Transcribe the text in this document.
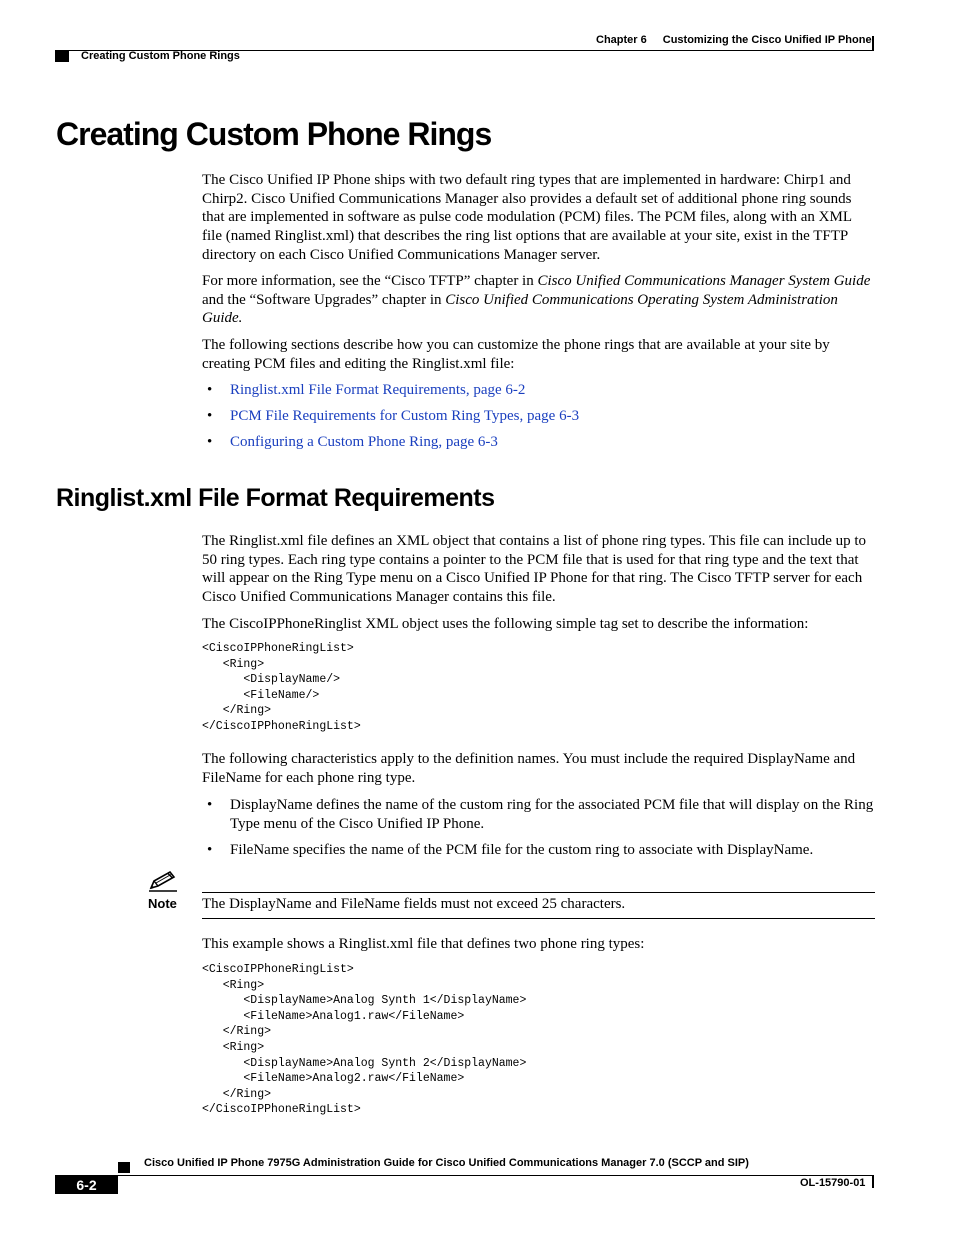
Chapter 6 Customizing the Cisco Unified IP Phone
Creating Custom Phone Rings
Creating Custom Phone Rings

The Cisco Unified IP Phone ships with two default ring types that are implemented in hardware: Chirp1 and Chirp2. Cisco Unified Communications Manager also provides a default set of additional phone ring sounds that are implemented in software as pulse code modulation (PCM) files. The PCM files, along with an XML file (named Ringlist.xml) that describes the ring list options that are available at your site, exist in the TFTP directory on each Cisco Unified Communications Manager server.

For more information, see the “Cisco TFTP” chapter in Cisco Unified Communications Manager System Guide and the “Software Upgrades” chapter in Cisco Unified Communications Operating System Administration Guide.

The following sections describe how you can customize the phone rings that are available at your site by creating PCM files and editing the Ringlist.xml file:

• Ringlist.xml File Format Requirements, page 6-2
• PCM File Requirements for Custom Ring Types, page 6-3
• Configuring a Custom Phone Ring, page 6-3
Ringlist.xml File Format Requirements

The Ringlist.xml file defines an XML object that contains a list of phone ring types. This file can include up to 50 ring types. Each ring type contains a pointer to the PCM file that is used for that ring type and the text that will appear on the Ring Type menu on a Cisco Unified IP Phone for that ring. The Cisco TFTP server for each Cisco Unified Communications Manager contains this file.

The CiscoIPPhoneRinglist XML object uses the following simple tag set to describe the information:

<CiscoIPPhoneRingList>
<Ring>
<DisplayName/>
<FileName/>
</Ring>
</CiscoIPPhoneRingList>

The following characteristics apply to the definition names. You must include the required DisplayName and FileName for each phone ring type.

• DisplayName defines the name of the custom ring for the associated PCM file that will display on the Ring Type menu of the Cisco Unified IP Phone.
• FileName specifies the name of the PCM file for the custom ring to associate with DisplayName.
Note The DisplayName and FileName fields must not exceed 25 characters.

This example shows a Ringlist.xml file that defines two phone ring types:

<CiscoIPPhoneRingList>
<Ring>
<DisplayName>Analog Synth 1</DisplayName>
<FileName>Analog1.raw</FileName>
</Ring>
<Ring>
<DisplayName>Analog Synth 2</DisplayName>
<FileName>Analog2.raw</FileName>
</Ring>
</CiscoIPPhoneRingList>
Cisco Unified IP Phone 7975G Administration Guide for Cisco Unified Communications Manager 7.0 (SCCP and SIP)
6-2	OL-15790-01
